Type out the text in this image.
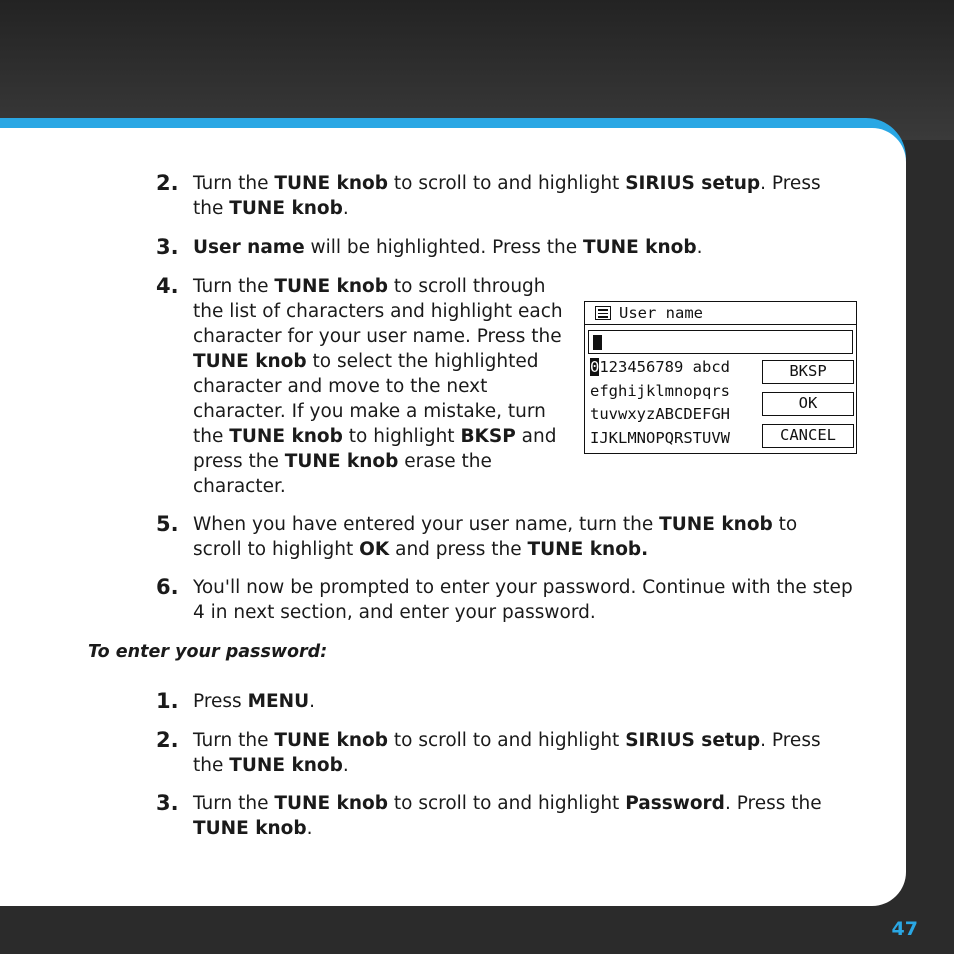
2. Turn the TUNE knob to scroll to and highlight SIRIUS setup. Press the TUNE knob.
3. User name will be highlighted. Press the TUNE knob.
4. Turn the TUNE knob to scroll through the list of characters and highlight each character for your user name. Press the TUNE knob to select the highlighted character and move to the next character. If you make a mistake, turn the TUNE knob to highlight BKSP and press the TUNE knob erase the character.
User name
0123456789 abcd
efghijklmnopqrs
tuvwxyzABCDEFGH
IJKLMNOPQRSTUVW
BKSP
OK
CANCEL
5. When you have entered your user name, turn the TUNE knob to scroll to highlight OK and press the TUNE knob.
6. You'll now be prompted to enter your password. Continue with the step 4 in next section, and enter your password.
To enter your password:
1. Press MENU.
2. Turn the TUNE knob to scroll to and highlight SIRIUS setup. Press the TUNE knob.
3. Turn the TUNE knob to scroll to and highlight Password. Press the TUNE knob.
47
